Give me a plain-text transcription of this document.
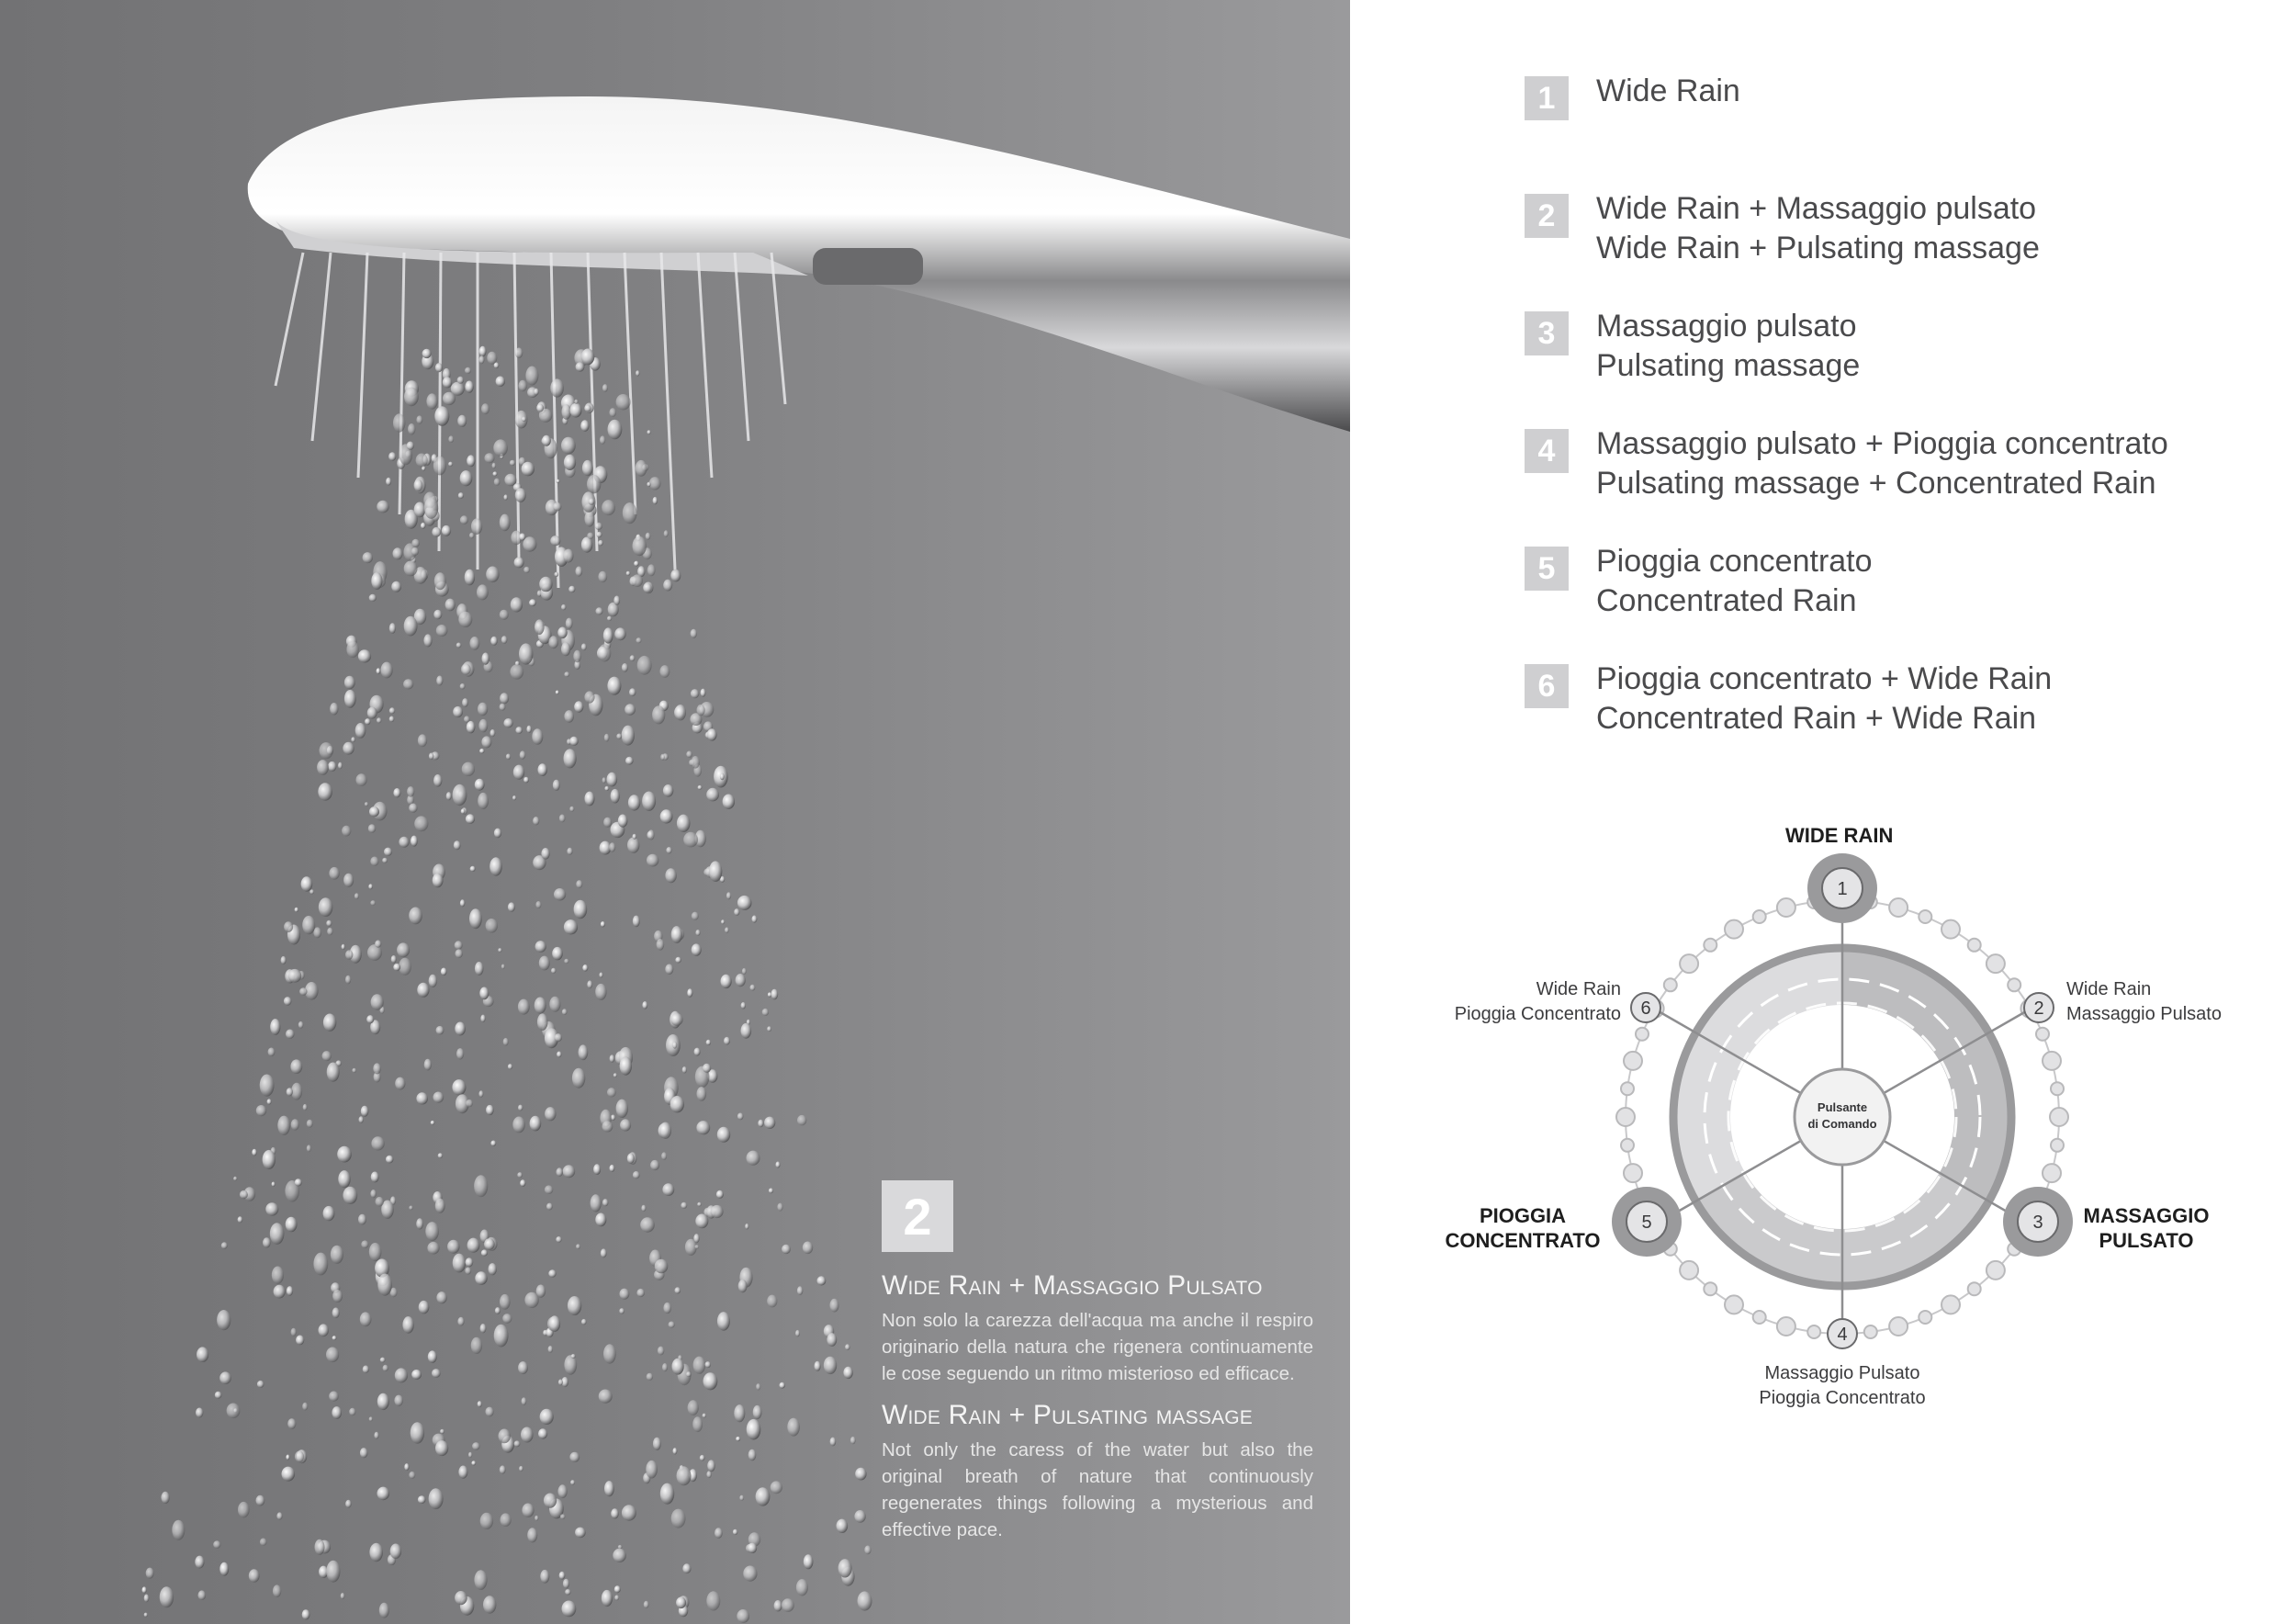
2
Wide Rain + Massaggio Pulsato
Non solo la carezza dell'acqua ma anche il respiro originario della natura che rigenera continuamente le cose seguendo un ritmo misterioso ed efficace.
Wide Rain + Pulsating massage
Not only the caress of the water but also the original breath of nature that continuously regenerates things following a mysterious and effective pace.
1	Wide Rain
2	Wide Rain + Massaggio pulsato
Wide Rain + Pulsating massage
3	Massaggio pulsato
Pulsating massage
4	Massaggio pulsato + Pioggia concentrato
Pulsating massage + Concentrated Rain
5	Pioggia concentrato
Concentrated Rain
6	Pioggia concentrato + Wide Rain
Concentrated Rain + Wide Rain
1
2
3
4
5
6
Pulsante
di Comando
WIDE RAIN
PIOGGIA
CONCENTRATO
MASSAGGIO
PULSATO
Wide Rain
Pioggia Concentrato
Wide Rain
Massaggio Pulsato
Massaggio Pulsato
Pioggia Concentrato
